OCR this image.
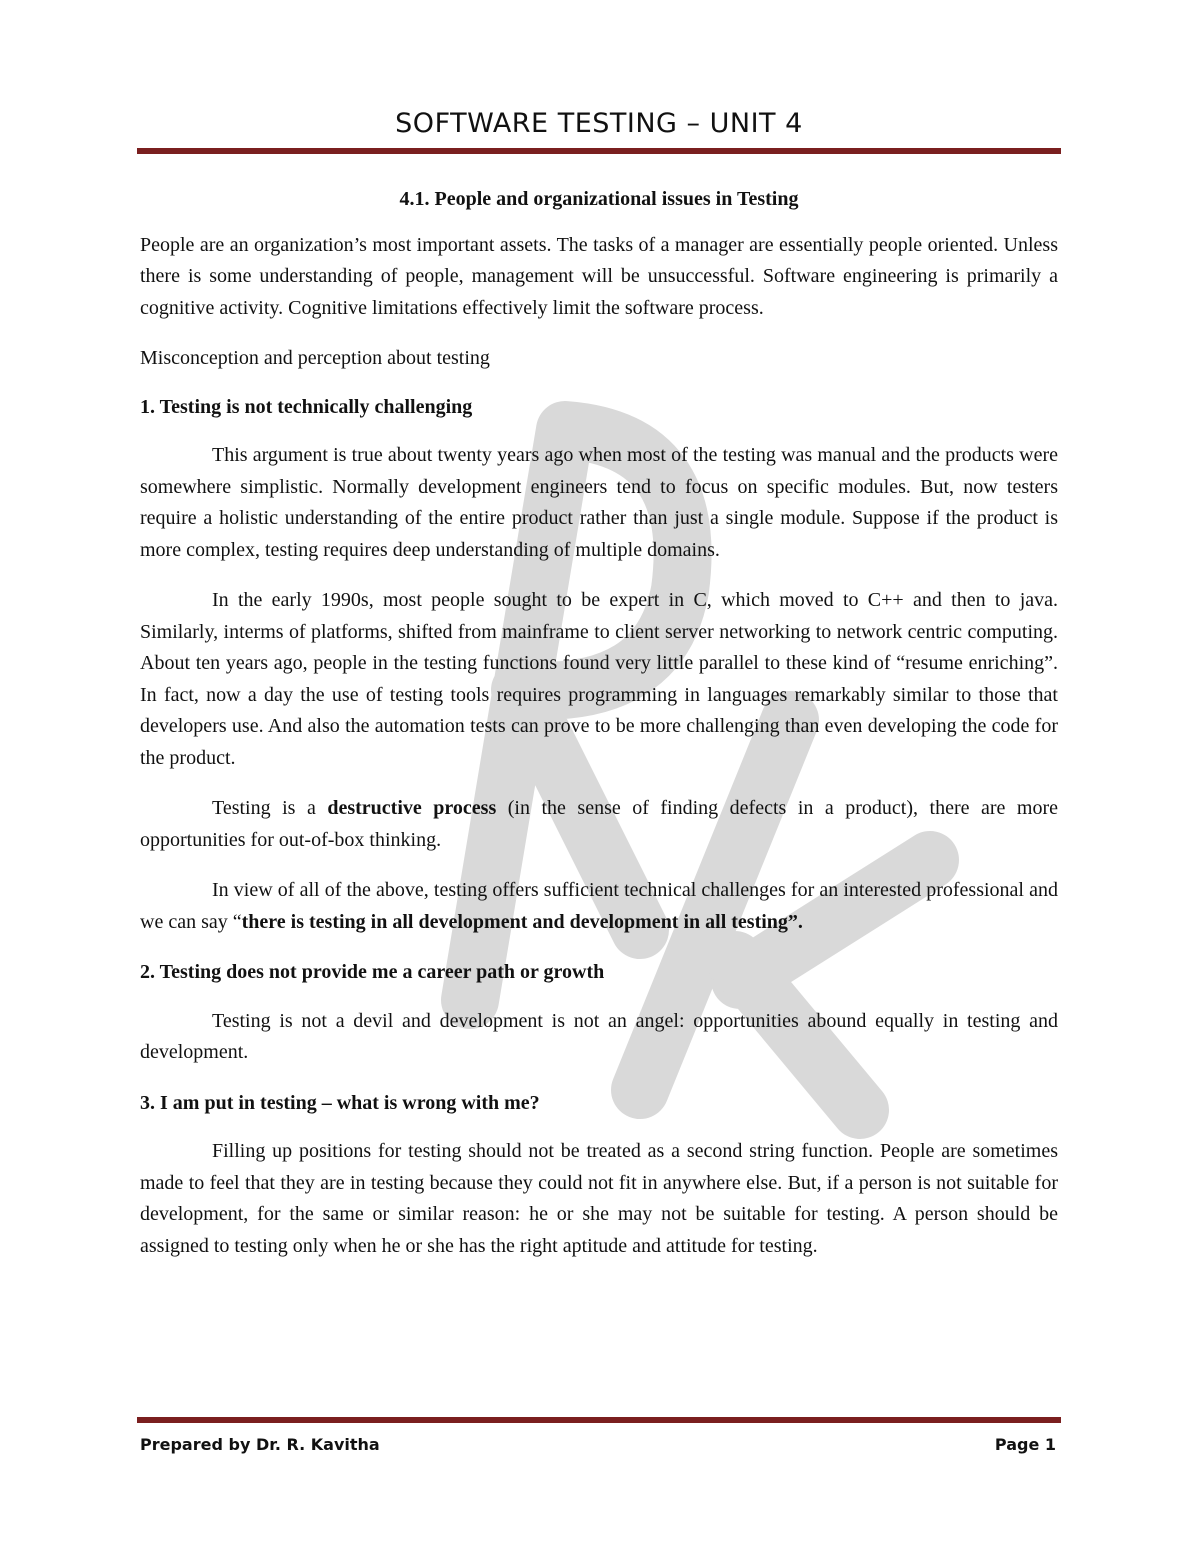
SOFTWARE TESTING – UNIT 4
4.1. People and organizational issues in Testing

People are an organization’s most important assets. The tasks of a manager are essentially people oriented. Unless there is some understanding of people, management will be unsuccessful. Software engineering is primarily a cognitive activity. Cognitive limitations effectively limit the software process.

Misconception and perception about testing
1. Testing is not technically challenging

This argument is true about twenty years ago when most of the testing was manual and the products were somewhere simplistic. Normally development engineers tend to focus on specific modules. But, now testers require a holistic understanding of the entire product rather than just a single module. Suppose if the product is more complex, testing requires deep understanding of multiple domains.

In the early 1990s, most people sought to be expert in C, which moved to C++ and then to java. Similarly, interms of platforms, shifted from mainframe to client server networking to network centric computing. About ten years ago, people in the testing functions found very little parallel to these kind of “resume enriching”. In fact, now a day the use of testing tools requires programming in languages remarkably similar to those that developers use. And also the automation tests can prove to be more challenging than even developing the code for the product.

Testing is a destructive process (in the sense of finding defects in a product), there are more opportunities for out-of-box thinking.

In view of all of the above, testing offers sufficient technical challenges for an interested professional and we can say “there is testing in all development and development in all testing”.

2. Testing does not provide me a career path or growth

Testing is not a devil and development is not an angel: opportunities abound equally in testing and development.

3. I am put in testing – what is wrong with me?

Filling up positions for testing should not be treated as a second string function. People are sometimes made to feel that they are in testing because they could not fit in anywhere else. But, if a person is not suitable for development, for the same or similar reason: he or she may not be suitable for testing. A person should be assigned to testing only when he or she has the right aptitude and attitude for testing.

Prepared by Dr. R. Kavitha	Page 1
